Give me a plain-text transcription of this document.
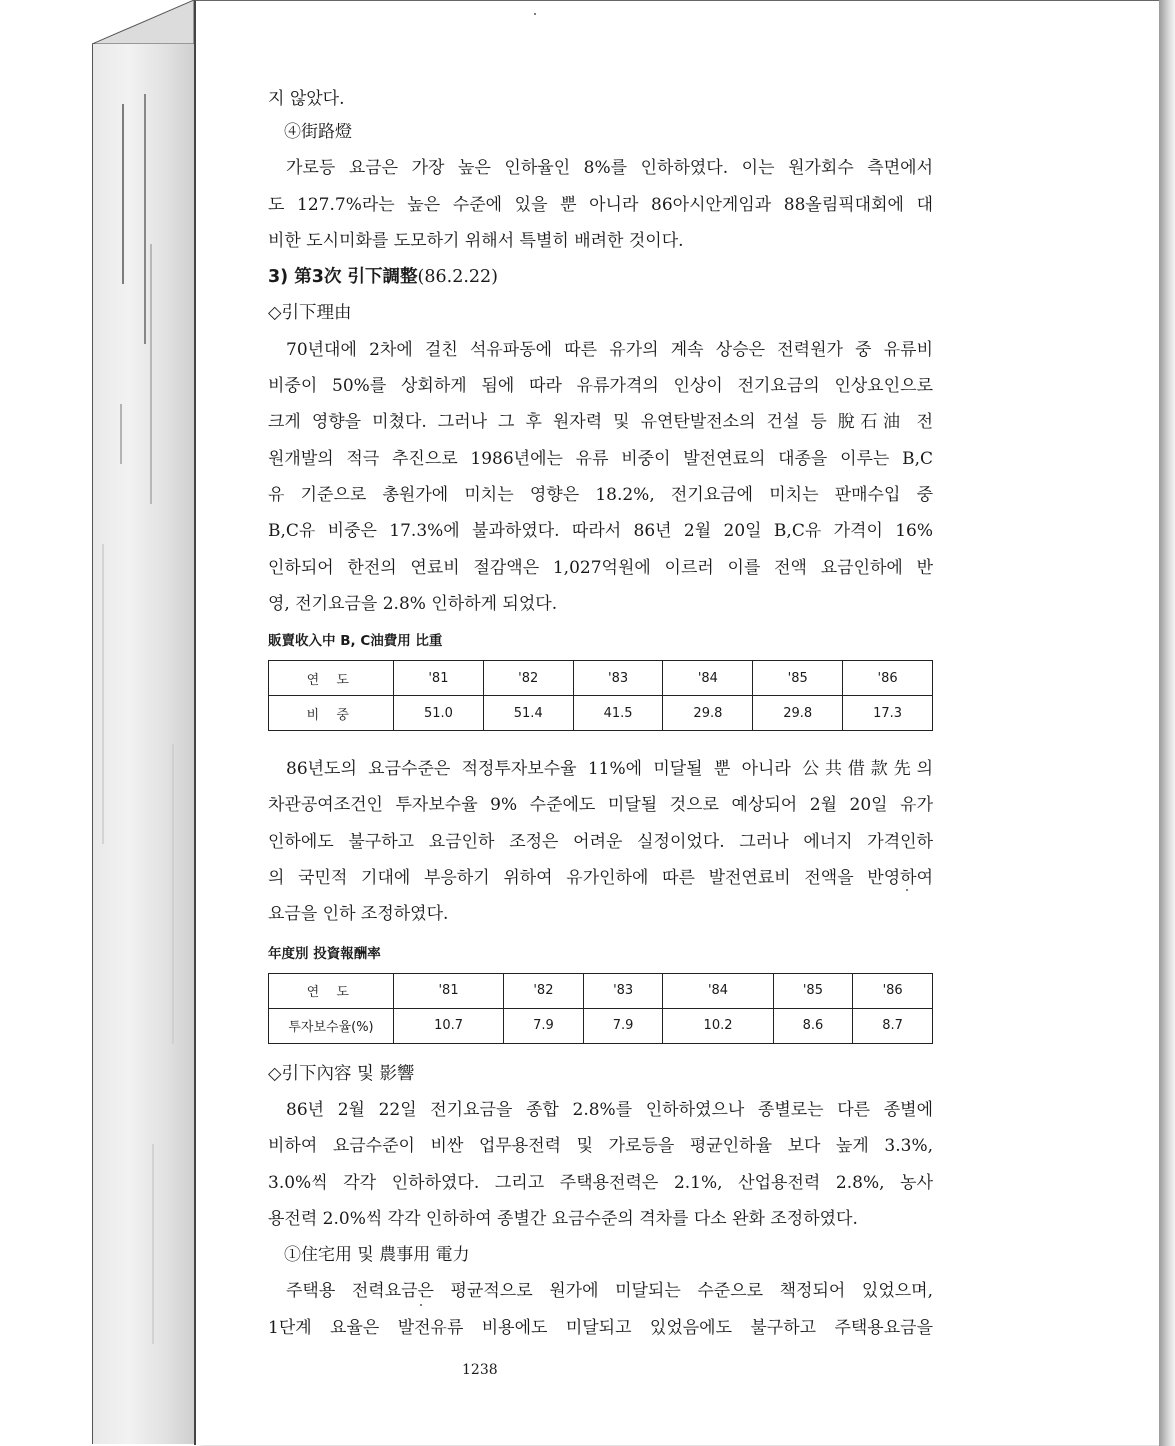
지 않았다.

④街路燈

가로등 요금은 가장 높은 인하율인 8%를 인하하였다. 이는 원가회수 측면에서

도 127.7%라는 높은 수준에 있을 뿐 아니라 86아시안게임과 88올림픽대회에 대

비한 도시미화를 도모하기 위해서 특별히 배려한 것이다.

3) 第3次 引下調整(86.2.22)

◇引下理由

70년대에 2차에 걸친 석유파동에 따른 유가의 계속 상승은 전력원가 중 유류비

비중이 50%를 상회하게 됨에 따라 유류가격의 인상이 전기요금의 인상요인으로

크게 영향을 미쳤다. 그러나 그 후 원자력 및 유연탄발전소의 건설 등 脫石油 전

원개발의 적극 추진으로 1986년에는 유류 비중이 발전연료의 대종을 이루는 B,C

유 기준으로 총원가에 미치는 영향은 18.2%, 전기요금에 미치는 판매수입 중

B,C유 비중은 17.3%에 불과하였다. 따라서 86년 2월 20일 B,C유 가격이 16%

인하되어 한전의 연료비 절감액은 1,027억원에 이르러 이를 전액 요금인하에 반

영, 전기요금을 2.8% 인하하게 되었다.

販賣收入中 B, C油費用 比重

연 도	'81	'82	'83	'84	'85	'86
비 중	51.0	51.4	41.5	29.8	29.8	17.3

86년도의 요금수준은 적정투자보수율 11%에 미달될 뿐 아니라 公共借款先의

차관공여조건인 투자보수율 9% 수준에도 미달될 것으로 예상되어 2월 20일 유가

인하에도 불구하고 요금인하 조정은 어려운 실정이었다. 그러나 에너지 가격인하

의 국민적 기대에 부응하기 위하여 유가인하에 따른 발전연료비 전액을 반영하여

요금을 인하 조정하였다.

年度別 投資報酬率

연 도	'81	'82	'83	'84	'85	'86
투자보수율(%)	10.7	7.9	7.9	10.2	8.6	8.7

◇引下內容 및 影響

86년 2월 22일 전기요금을 종합 2.8%를 인하하였으나 종별로는 다른 종별에

비하여 요금수준이 비싼 업무용전력 및 가로등을 평균인하율 보다 높게 3.3%,

3.0%씩 각각 인하하였다. 그리고 주택용전력은 2.1%, 산업용전력 2.8%, 농사

용전력 2.0%씩 각각 인하하여 종별간 요금수준의 격차를 다소 완화 조정하였다.

①住宅用 및 農事用 電力

주택용 전력요금은 평균적으로 원가에 미달되는 수준으로 책정되어 있었으며,

1단계 요율은 발전유류 비용에도 미달되고 있었음에도 불구하고 주택용요금을

1238
